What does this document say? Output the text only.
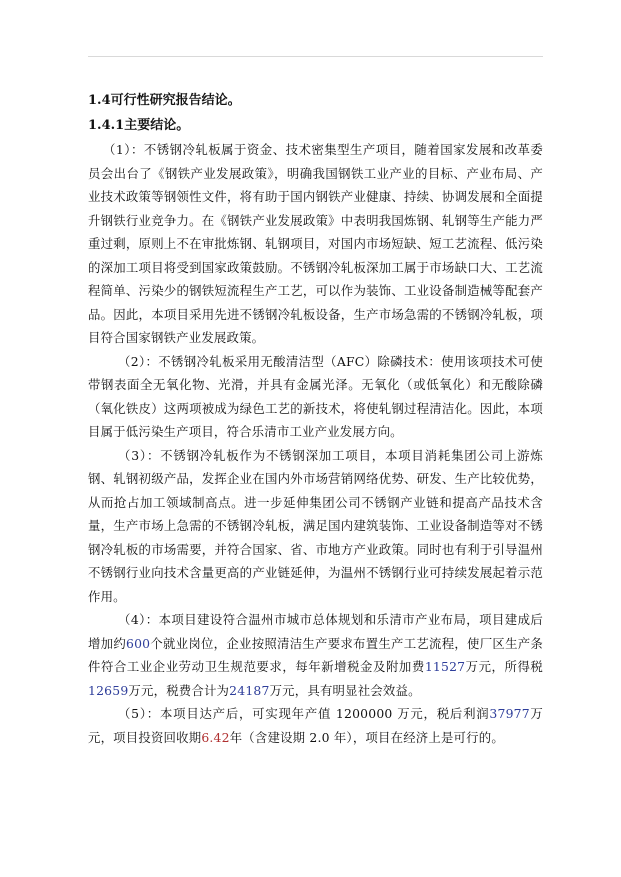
1.4可行性研究报告结论。
1.4.1主要结论。

（1）：不锈钢冷轧板属于资金、技术密集型生产项目，随着国家发展和改革委员会出台了《钢铁产业发展政策》，明确我国钢铁工业产业的目标、产业布局、产业技术政策等钢领性文件，将有助于国内钢铁产业健康、持续、协调发展和全面提升钢铁行业竞争力。在《钢铁产业发展政策》中表明我国炼钢、轧钢等生产能力严重过剩，原则上不在审批炼钢、轧钢项目，对国内市场短缺、短工艺流程、低污染的深加工项目将受到国家政策鼓励。不锈钢冷轧板深加工属于市场缺口大、工艺流程简单、污染少的钢铁短流程生产工艺，可以作为装饰、工业设备制造械等配套产品。因此，本项目采用先进不锈钢冷轧板设备，生产市场急需的不锈钢冷轧板，项目符合国家钢铁产业发展政策。

（2）：不锈钢冷轧板采用无酸清洁型（AFC）除磷技术：使用该项技术可使带钢表面全无氧化物、光滑，并具有金属光泽。无氧化（或低氧化）和无酸除磷（氧化铁皮）这两项被成为绿色工艺的新技术，将使轧钢过程清洁化。因此，本项目属于低污染生产项目，符合乐清市工业产业发展方向。

（3）：不锈钢冷轧板作为不锈钢深加工项目，本项目消耗集团公司上游炼钢、轧钢初级产品，发挥企业在国内外市场营销网络优势、研发、生产比较优势，从而抢占加工领域制高点。进一步延伸集团公司不锈钢产业链和提高产品技术含量，生产市场上急需的不锈钢冷轧板，满足国内建筑装饰、工业设备制造等对不锈钢冷轧板的市场需要，并符合国家、省、市地方产业政策。同时也有利于引导温州不锈钢行业向技术含量更高的产业链延伸，为温州不锈钢行业可持续发展起着示范作用。

（4）：本项目建设符合温州市城市总体规划和乐清市产业布局，项目建成后增加约600个就业岗位，企业按照清洁生产要求布置生产工艺流程，使厂区生产条件符合工业企业劳动卫生规范要求，每年新增税金及附加费11527万元，所得税12659万元，税费合计为24187万元，具有明显社会效益。

（5）：本项目达产后，可实现年产值 1200000 万元，税后利润37977万元，项目投资回收期6.42年（含建设期 2.0 年），项目在经济上是可行的。
